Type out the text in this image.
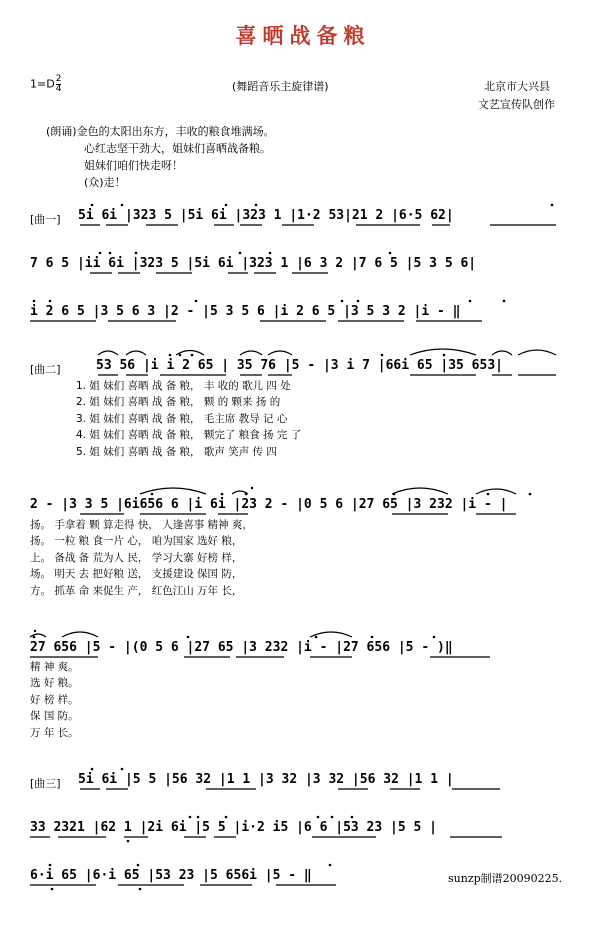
喜晒战备粮
$1=D \frac{2}{4}$	(舞蹈音乐主旋律谱)	北京市大兴县
文艺宣传队创作
(朗诵)金色的太阳出东方，丰收的粮食堆满场。
心红志坚干劲大，姐妹们喜晒战备粮。
姐妹们咱们快走呀！
(众)走！
[曲一] 5i 6i |323 5 |5i 6i |323 1 |1·2 53|21 2 |6·5 62|
7 6 5 |ii 6i |323 5 |5i 6i |323 1 |6 3 2 |7 6 5 |5 3 5 6|
i 2 6 5 |3 5 6 3 |2 - |5 3 5 6 |i 2 6 5 |3 5 3 2 |i - ‖
[曲二]	53 56 |i i 2 65 | 35 76 |5 - |3 i 7 |66i 65 |35 653|
1. 姐 妹们 喜晒 战 备 粮， 丰 收的 歌儿 四 处
2. 姐 妹们 喜晒 战 备 粮， 颗 的 颗来 扬 的
3. 姐 妹们 喜晒 战 备 粮， 毛主席 教导 记 心
4. 姐 妹们 喜晒 战 备 粮， 颗完了 粮食 扬 完 了
5. 姐 妹们 喜晒 战 备 粮， 歌声 笑声 传 四
2 - |3 3 5 |6i656 6 |i 6i |23 2 - |0 5 6 |27 65 |3 232 |i - |
扬。 手拿着 颗 算走得 快， 人逢喜事 精神 爽，
扬。 一粒 粮 食一片 心， 咱为国家 选好 粮，
上。 备战 备 荒为人 民， 学习大寨 好榜 样，
场。 明天 去 把好粮 送， 支援建设 保国 防，
方。 抓革 命 来促生 产， 红色江山 万年 长，
27 656 |5 - |(0 5 6 |27 65 |3 232 |i - |27 656 |5 - )‖
精 神 爽。
选 好 粮。
好 榜 样。
保 国 防。
万 年 长。
[曲三] 5i 6i |5 5 |56 32 |1 1 |3 32 |3 32 |56 32 |1 1 |
33 2321 |62 1 |2i 6i |5 5 |i·2 i5 |6 6 |53 23 |5 5 |
6·i 65 |6·i 65 |53 23 |5 656i |5 - ‖	sunzp制谱20090225.
